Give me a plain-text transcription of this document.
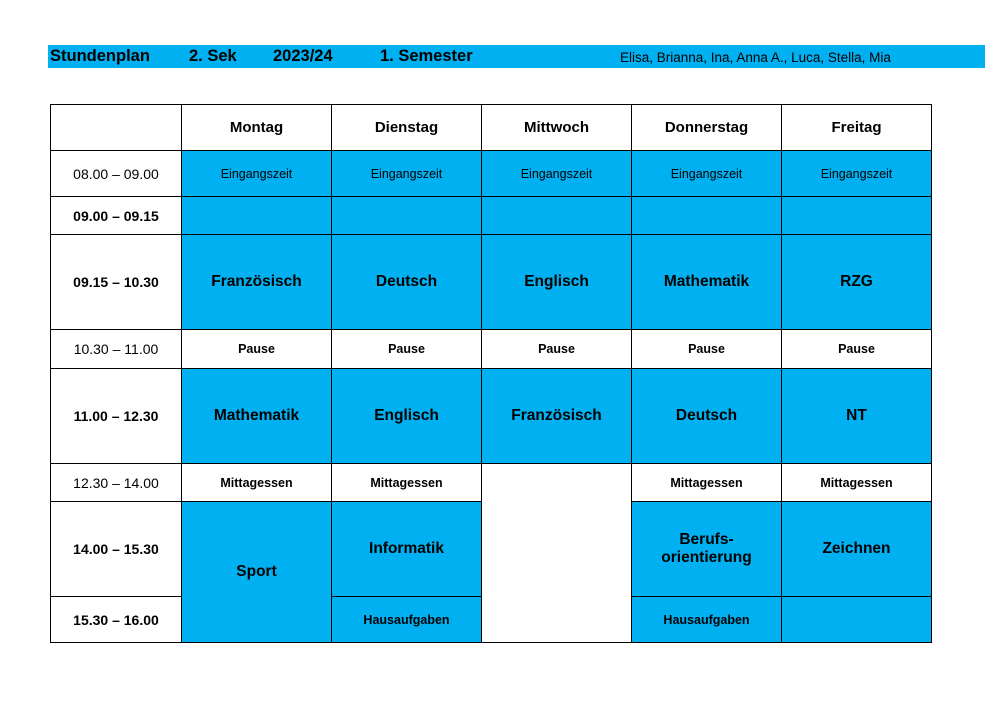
Stundenplan 2. Sek 2023/24	1. Semester	Elisa, Brianna, Ina, Anna A., Luca, Stella, Mia
	Montag	Dienstag	Mittwoch	Donnerstag	Freitag
08.00 – 09.00	Eingangszeit	Eingangszeit	Eingangszeit	Eingangszeit	Eingangszeit
09.00 – 09.15					
09.15 – 10.30	Französisch	Deutsch	Englisch	Mathematik	RZG
10.30 – 11.00	Pause	Pause	Pause	Pause	Pause
11.00 – 12.30	Mathematik	Englisch	Französisch	Deutsch	NT
12.30 – 14.00	Mittagessen	Mittagessen		Mittagessen	Mittagessen
14.00 – 15.30	Sport	Informatik		Berufs-
orientierung	Zeichnen
15.30 – 16.00		Hausaufgaben		Hausaufgaben	
